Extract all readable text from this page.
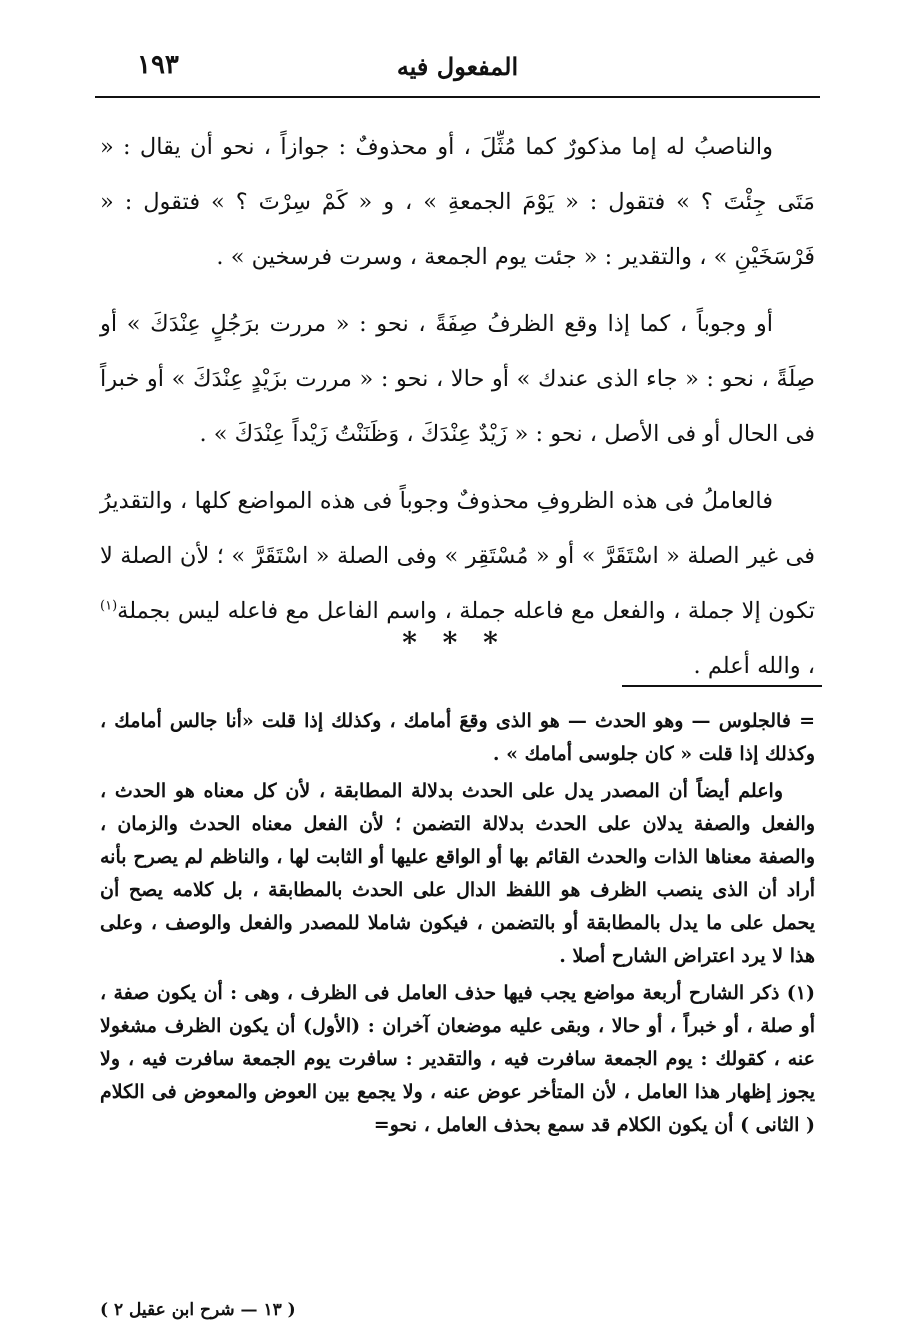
١٩٣	المفعول فيه

والناصبُ له إما مذكورٌ كما مُثِّلَ ، أو محذوفٌ : جوازاً ، نحو أن يقال : « مَتَى جِئْتَ ؟ » فتقول : « يَوْمَ الجمعةِ » ، و « كَمْ سِرْتَ ؟ » فتقول : « فَرْسَخَيْنِ » ، والتقدير : « جئت يوم الجمعة ، وسرت فرسخين » .

أو وجوباً ، كما إذا وقع الظرفُ صِفَةً ، نحو : « مررت برَجُلٍ عِنْدَكَ » أو صِلَةً ، نحو : « جاء الذى عندك » أو حالا ، نحو : « مررت بزَيْدٍ عِنْدَكَ » أو خبراً فى الحال أو فى الأصل ، نحو : « زَيْدٌ عِنْدَكَ ، وَظَنَنْتُ زَيْداً عِنْدَكَ » .

فالعاملُ فى هذه الظروفِ محذوفٌ وجوباً فى هذه المواضع كلها ، والتقديرُ فى غير الصلة « اسْتَقَرَّ » أو « مُسْتَقِر » وفى الصلة « اسْتَقَرَّ » ؛ لأن الصلة لا تكون إلا جملة ، والفعل مع فاعله جملة ، واسم الفاعل مع فاعله ليس بجملة$^{(١)}$ ، والله أعلم .

* * *

= فالجلوس — وهو الحدث — هو الذى وقعَ أمامك ، وكذلك إذا قلت «أنا جالس أمامك ، وكذلك إذا قلت « كان جلوسى أمامك » .

واعلم أيضاً أن المصدر يدل على الحدث بدلالة المطابقة ، لأن كل معناه هو الحدث ، والفعل والصفة يدلان على الحدث بدلالة التضمن ؛ لأن الفعل معناه الحدث والزمان ، والصفة معناها الذات والحدث القائم بها أو الواقع عليها أو الثابت لها ، والناظم لم يصرح بأنه أراد أن الذى ينصب الظرف هو اللفظ الدال على الحدث بالمطابقة ، بل كلامه يصح أن يحمل على ما يدل بالمطابقة أو بالتضمن ، فيكون شاملا للمصدر والفعل والوصف ، وعلى هذا لا يرد اعتراض الشارح أصلا .

(١) ذكر الشارح أربعة مواضع يجب فيها حذف العامل فى الظرف ، وهى : أن يكون صفة ، أو صلة ، أو خبراً ، أو حالا ، وبقى عليه موضعان آخران : (الأول) أن يكون الظرف مشغولا عنه ، كقولك : يوم الجمعة سافرت فيه ، والتقدير : سافرت يوم الجمعة سافرت فيه ، ولا يجوز إظهار هذا العامل ، لأن المتأخر عوض عنه ، ولا يجمع بين العوض والمعوض فى الكلام ( الثانى ) أن يكون الكلام قد سمع بحذف العامل ، نحو=

( ١٣ — شرح ابن عقيل ٢ )
